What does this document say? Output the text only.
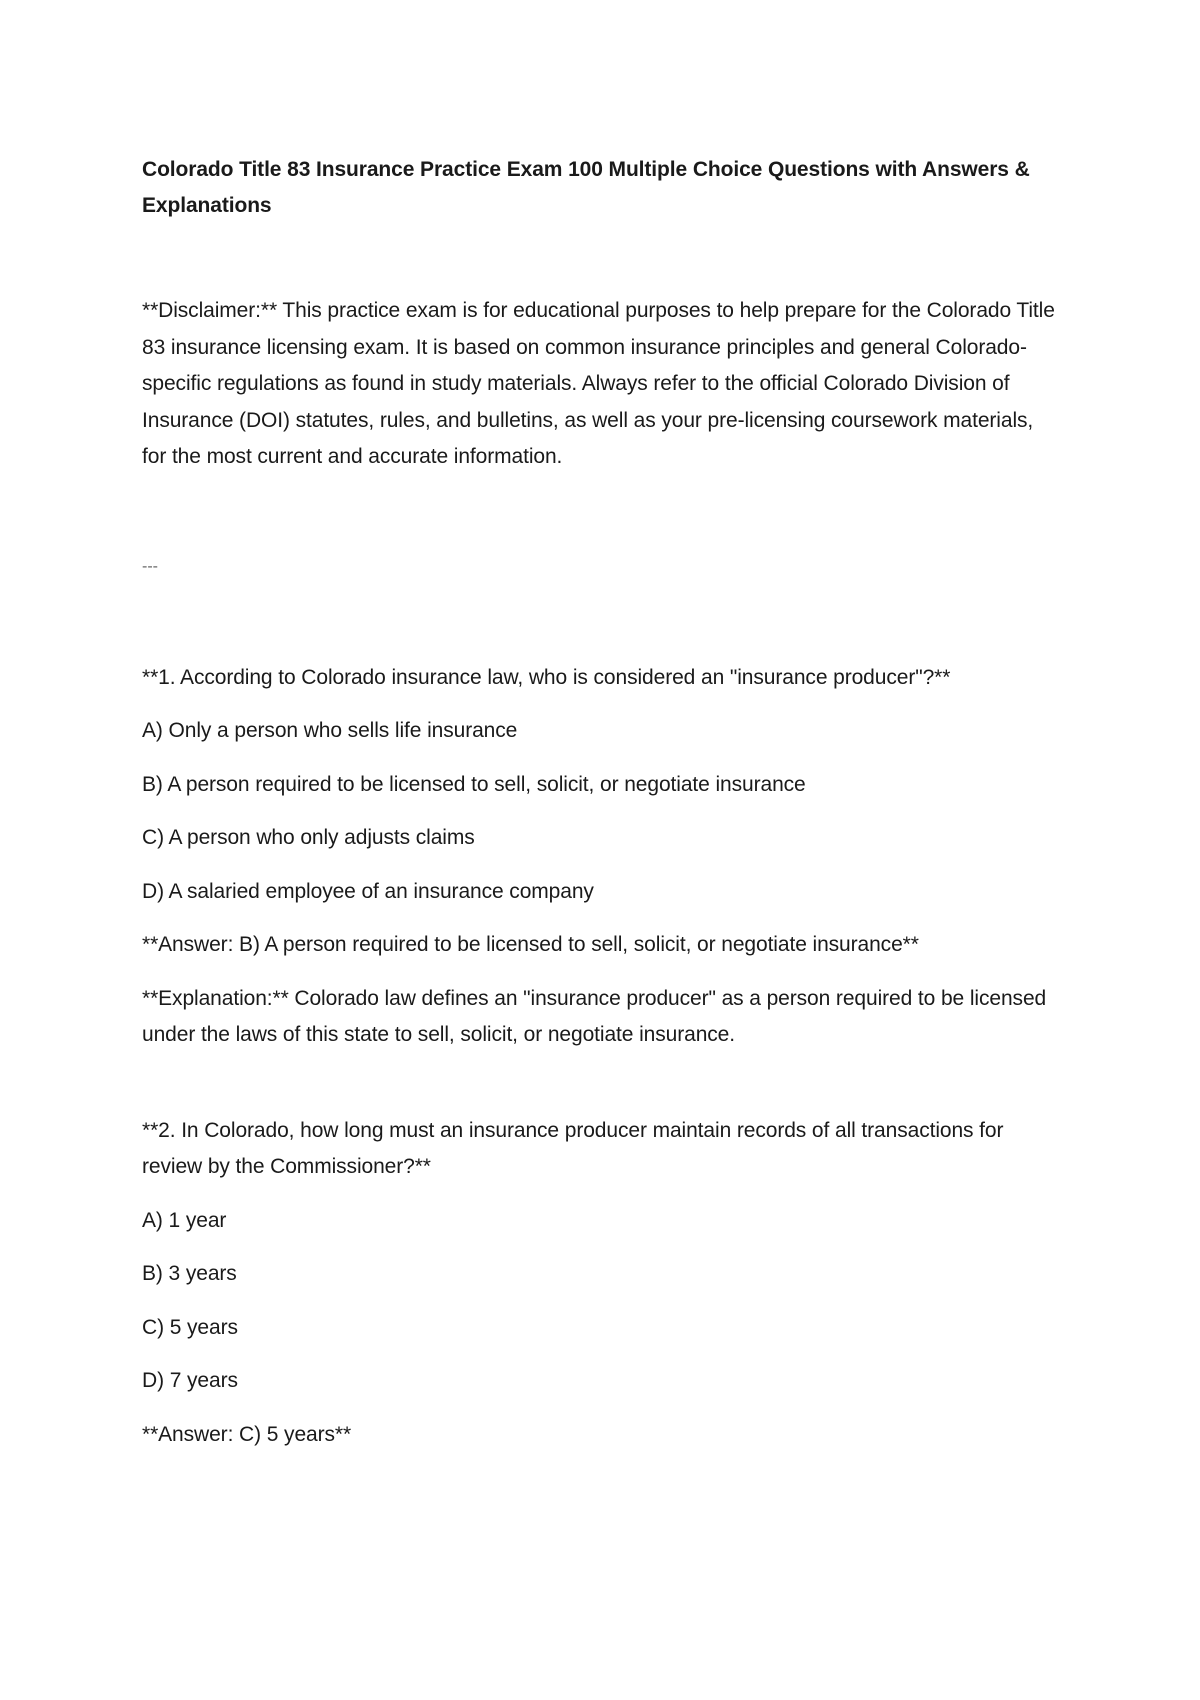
Colorado Title 83 Insurance Practice Exam 100 Multiple Choice Questions with Answers & Explanations

**Disclaimer:** This practice exam is for educational purposes to help prepare for the Colorado Title 83 insurance licensing exam. It is based on common insurance principles and general Colorado-specific regulations as found in study materials. Always refer to the official Colorado Division of Insurance (DOI) statutes, rules, and bulletins, as well as your pre-licensing coursework materials, for the most current and accurate information.

---

**1. According to Colorado insurance law, who is considered an "insurance producer"?**

A) Only a person who sells life insurance

B) A person required to be licensed to sell, solicit, or negotiate insurance

C) A person who only adjusts claims

D) A salaried employee of an insurance company

**Answer: B) A person required to be licensed to sell, solicit, or negotiate insurance**

**Explanation:** Colorado law defines an "insurance producer" as a person required to be licensed under the laws of this state to sell, solicit, or negotiate insurance.

**2. In Colorado, how long must an insurance producer maintain records of all transactions for review by the Commissioner?**

A) 1 year

B) 3 years

C) 5 years

D) 7 years

**Answer: C) 5 years**
